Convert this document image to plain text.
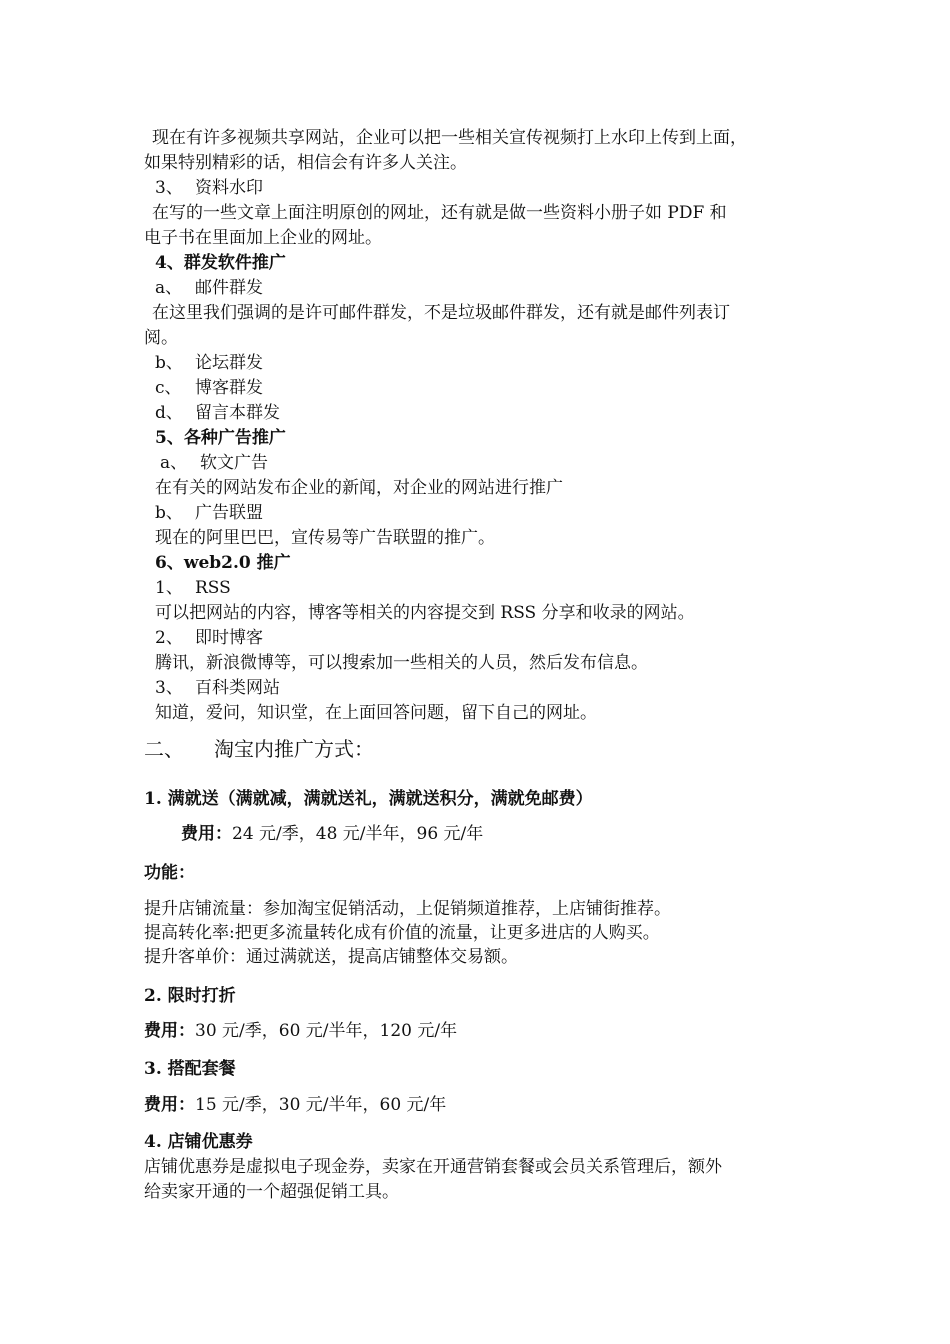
现在有许多视频共享网站，企业可以把一些相关宣传视频打上水印上传到上面，
如果特别精彩的话，相信会有许多人关注。
3、 资料水印
在写的一些文章上面注明原创的网址，还有就是做一些资料小册子如 PDF 和
电子书在里面加上企业的网址。
4、群发软件推广
a、 邮件群发
在这里我们强调的是许可邮件群发，不是垃圾邮件群发，还有就是邮件列表订
阅。
b、 论坛群发
c、 博客群发
d、 留言本群发
5、各种广告推广
a、 软文广告
在有关的网站发布企业的新闻，对企业的网站进行推广
b、 广告联盟
现在的阿里巴巴，宣传易等广告联盟的推广。
6、web2.0 推广
1、 RSS
可以把网站的内容，博客等相关的内容提交到 RSS 分享和收录的网站。
2、 即时博客
腾讯，新浪微博等，可以搜索加一些相关的人员，然后发布信息。
3、 百科类网站
知道，爱问，知识堂，在上面回答问题，留下自己的网址。
二、 淘宝内推广方式：
1. 满就送（满就减，满就送礼，满就送积分，满就免邮费）
费用：24 元/季，48 元/半年，96 元/年
功能：
提升店铺流量：参加淘宝促销活动，上促销频道推荐，上店铺街推荐。
提高转化率:把更多流量转化成有价值的流量，让更多进店的人购买。
提升客单价：通过满就送，提高店铺整体交易额。
2. 限时打折
费用：30 元/季，60 元/半年，120 元/年
3. 搭配套餐
费用：15 元/季，30 元/半年，60 元/年
4. 店铺优惠券
店铺优惠券是虚拟电子现金券，卖家在开通营销套餐或会员关系管理后，额外
给卖家开通的一个超强促销工具。
